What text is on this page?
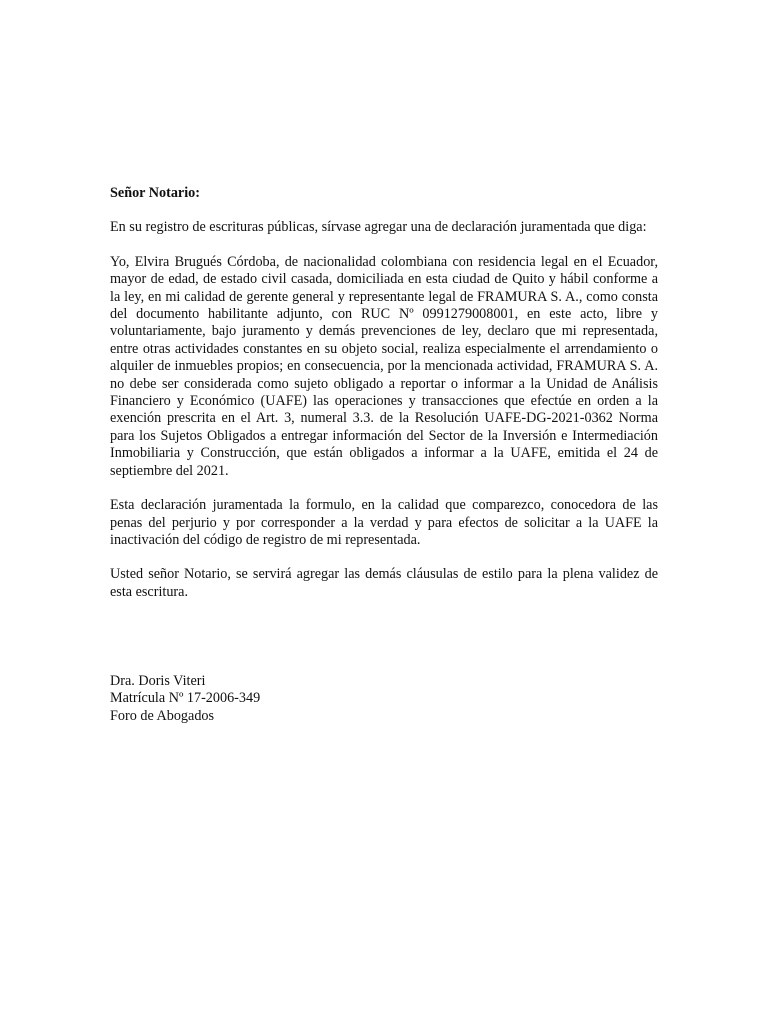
Señor Notario:

En su registro de escrituras públicas, sírvase agregar una de declaración juramentada que diga:

Yo, Elvira Brugués Córdoba, de nacionalidad colombiana con residencia legal en el Ecuador, mayor de edad, de estado civil casada, domiciliada en esta ciudad de Quito y hábil conforme a la ley, en mi calidad de gerente general y representante legal de FRAMURA S. A., como consta del documento habilitante adjunto, con RUC Nº 0991279008001, en este acto, libre y voluntariamente, bajo juramento y demás prevenciones de ley, declaro que mi representada, entre otras actividades constantes en su objeto social, realiza especialmente el arrendamiento o alquiler de inmuebles propios; en consecuencia, por la mencionada actividad, FRAMURA S. A. no debe ser considerada como sujeto obligado a reportar o informar a la Unidad de Análisis Financiero y Económico (UAFE) las operaciones y transacciones que efectúe en orden a la exención prescrita en el Art. 3, numeral 3.3. de la Resolución UAFE-DG-2021-0362 Norma para los Sujetos Obligados a entregar información del Sector de la Inversión e Intermediación Inmobiliaria y Construcción, que están obligados a informar a la UAFE, emitida el 24 de septiembre del 2021.

Esta declaración juramentada la formulo, en la calidad que comparezco, conocedora de las penas del perjurio y por corresponder a la verdad y para efectos de solicitar a la UAFE la inactivación del código de registro de mi representada.

Usted señor Notario, se servirá agregar las demás cláusulas de estilo para la plena validez de esta escritura.

Dra. Doris Viteri
Matrícula Nº 17-2006-349
Foro de Abogados
